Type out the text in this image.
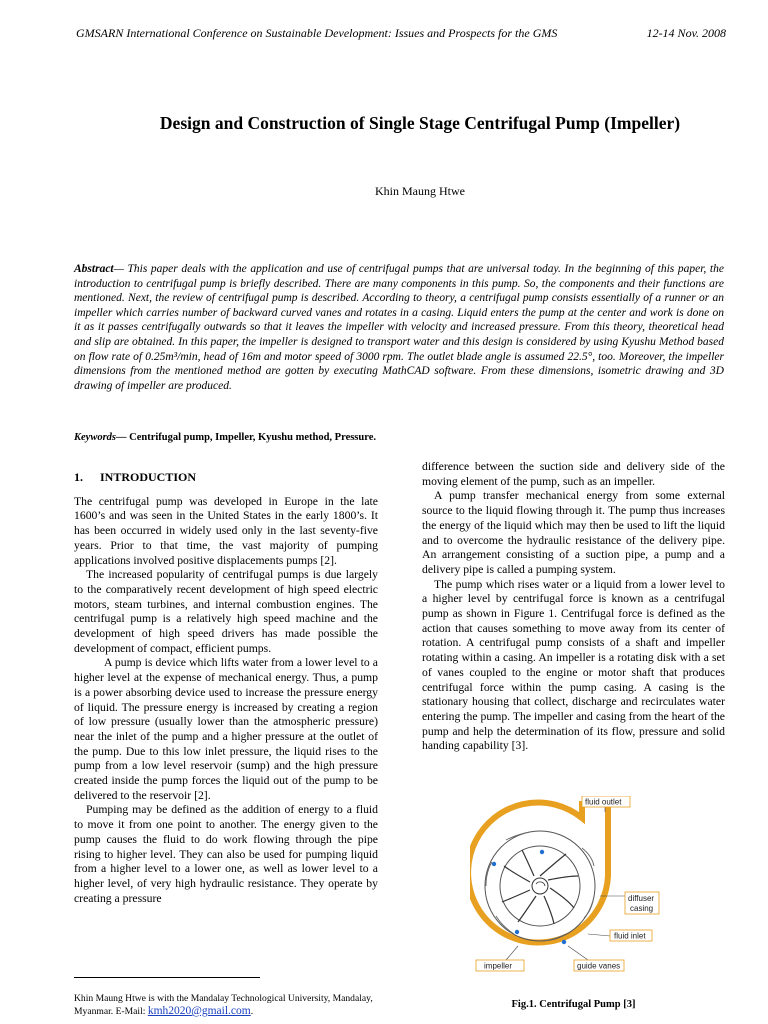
GMSARN International Conference on Sustainable Development: Issues and Prospects for the GMS	12-14 Nov. 2008
Design and Construction of Single Stage Centrifugal Pump (Impeller)
Khin Maung Htwe
Abstract— This paper deals with the application and use of centrifugal pumps that are universal today. In the beginning of this paper, the introduction to centrifugal pump is briefly described. There are many components in this pump. So, the components and their functions are mentioned. Next, the review of centrifugal pump is described. According to theory, a centrifugal pump consists essentially of a runner or an impeller which carries number of backward curved vanes and rotates in a casing. Liquid enters the pump at the center and work is done on it as it passes centrifugally outwards so that it leaves the impeller with velocity and increased pressure. From this theory, theoretical head and slip are obtained. In this paper, the impeller is designed to transport water and this design is considered by using Kyushu Method based on flow rate of 0.25m³/min, head of 16m and motor speed of 3000 rpm. The outlet blade angle is assumed 22.5°, too. Moreover, the impeller dimensions from the mentioned method are gotten by executing MathCAD software. From these dimensions, isometric drawing and 3D drawing of impeller are produced.
Keywords— Centrifugal pump, Impeller, Kyushu method, Pressure.

1. INTRODUCTION

The centrifugal pump was developed in Europe in the late 1600’s and was seen in the United States in the early 1800’s. It has been occurred in widely used only in the last seventy-five years. Prior to that time, the vast majority of pumping applications involved positive displacements pumps [2].

The increased popularity of centrifugal pumps is due largely to the comparatively recent development of high speed electric motors, steam turbines, and internal combustion engines. The centrifugal pump is a relatively high speed machine and the development of high speed drivers has made possible the development of compact, efficient pumps.

A pump is device which lifts water from a lower level to a higher level at the expense of mechanical energy. Thus, a pump is a power absorbing device used to increase the pressure energy of liquid. The pressure energy is increased by creating a region of low pressure (usually lower than the atmospheric pressure) near the inlet of the pump and a higher pressure at the outlet of the pump. Due to this low inlet pressure, the liquid rises to the pump from a low level reservoir (sump) and the high pressure created inside the pump forces the liquid out of the pump to be delivered to the reservoir [2].

Pumping may be defined as the addition of energy to a fluid to move it from one point to another. The energy given to the pump causes the fluid to do work flowing through the pipe rising to higher level. They can also be used for pumping liquid from a higher level to a lower one, as well as lower level to a higher level, of very high hydraulic resistance. They operate by creating a pressure

difference between the suction side and delivery side of the moving element of the pump, such as an impeller.

A pump transfer mechanical energy from some external source to the liquid flowing through it. The pump thus increases the energy of the liquid which may then be used to lift the liquid and to overcome the hydraulic resistance of the delivery pipe. An arrangement consisting of a suction pipe, a pump and a delivery pipe is called a pumping system.

The pump which rises water or a liquid from a lower level to a higher level by centrifugal force is known as a centrifugal pump as shown in Figure 1. Centrifugal force is defined as the action that causes something to move away from its center of rotation. A centrifugal pump consists of a shaft and impeller rotating within a casing. An impeller is a rotating disk with a set of vanes coupled to the engine or motor shaft that produces centrifugal force within the pump casing. A casing is the stationary housing that collect, discharge and recirculates water entering the pump. The impeller and casing from the heart of the pump and help the determination of its flow, pressure and solid handing capability [3].

fluid outlet
diffuser
casing
fluid inlet
impeller	guide vanes
Fig.1. Centrifugal Pump [3]
Khin Maung Htwe is with the Mandalay Technological University, Mandalay, Myanmar. E-Mail: kmh2020@gmail.com.
